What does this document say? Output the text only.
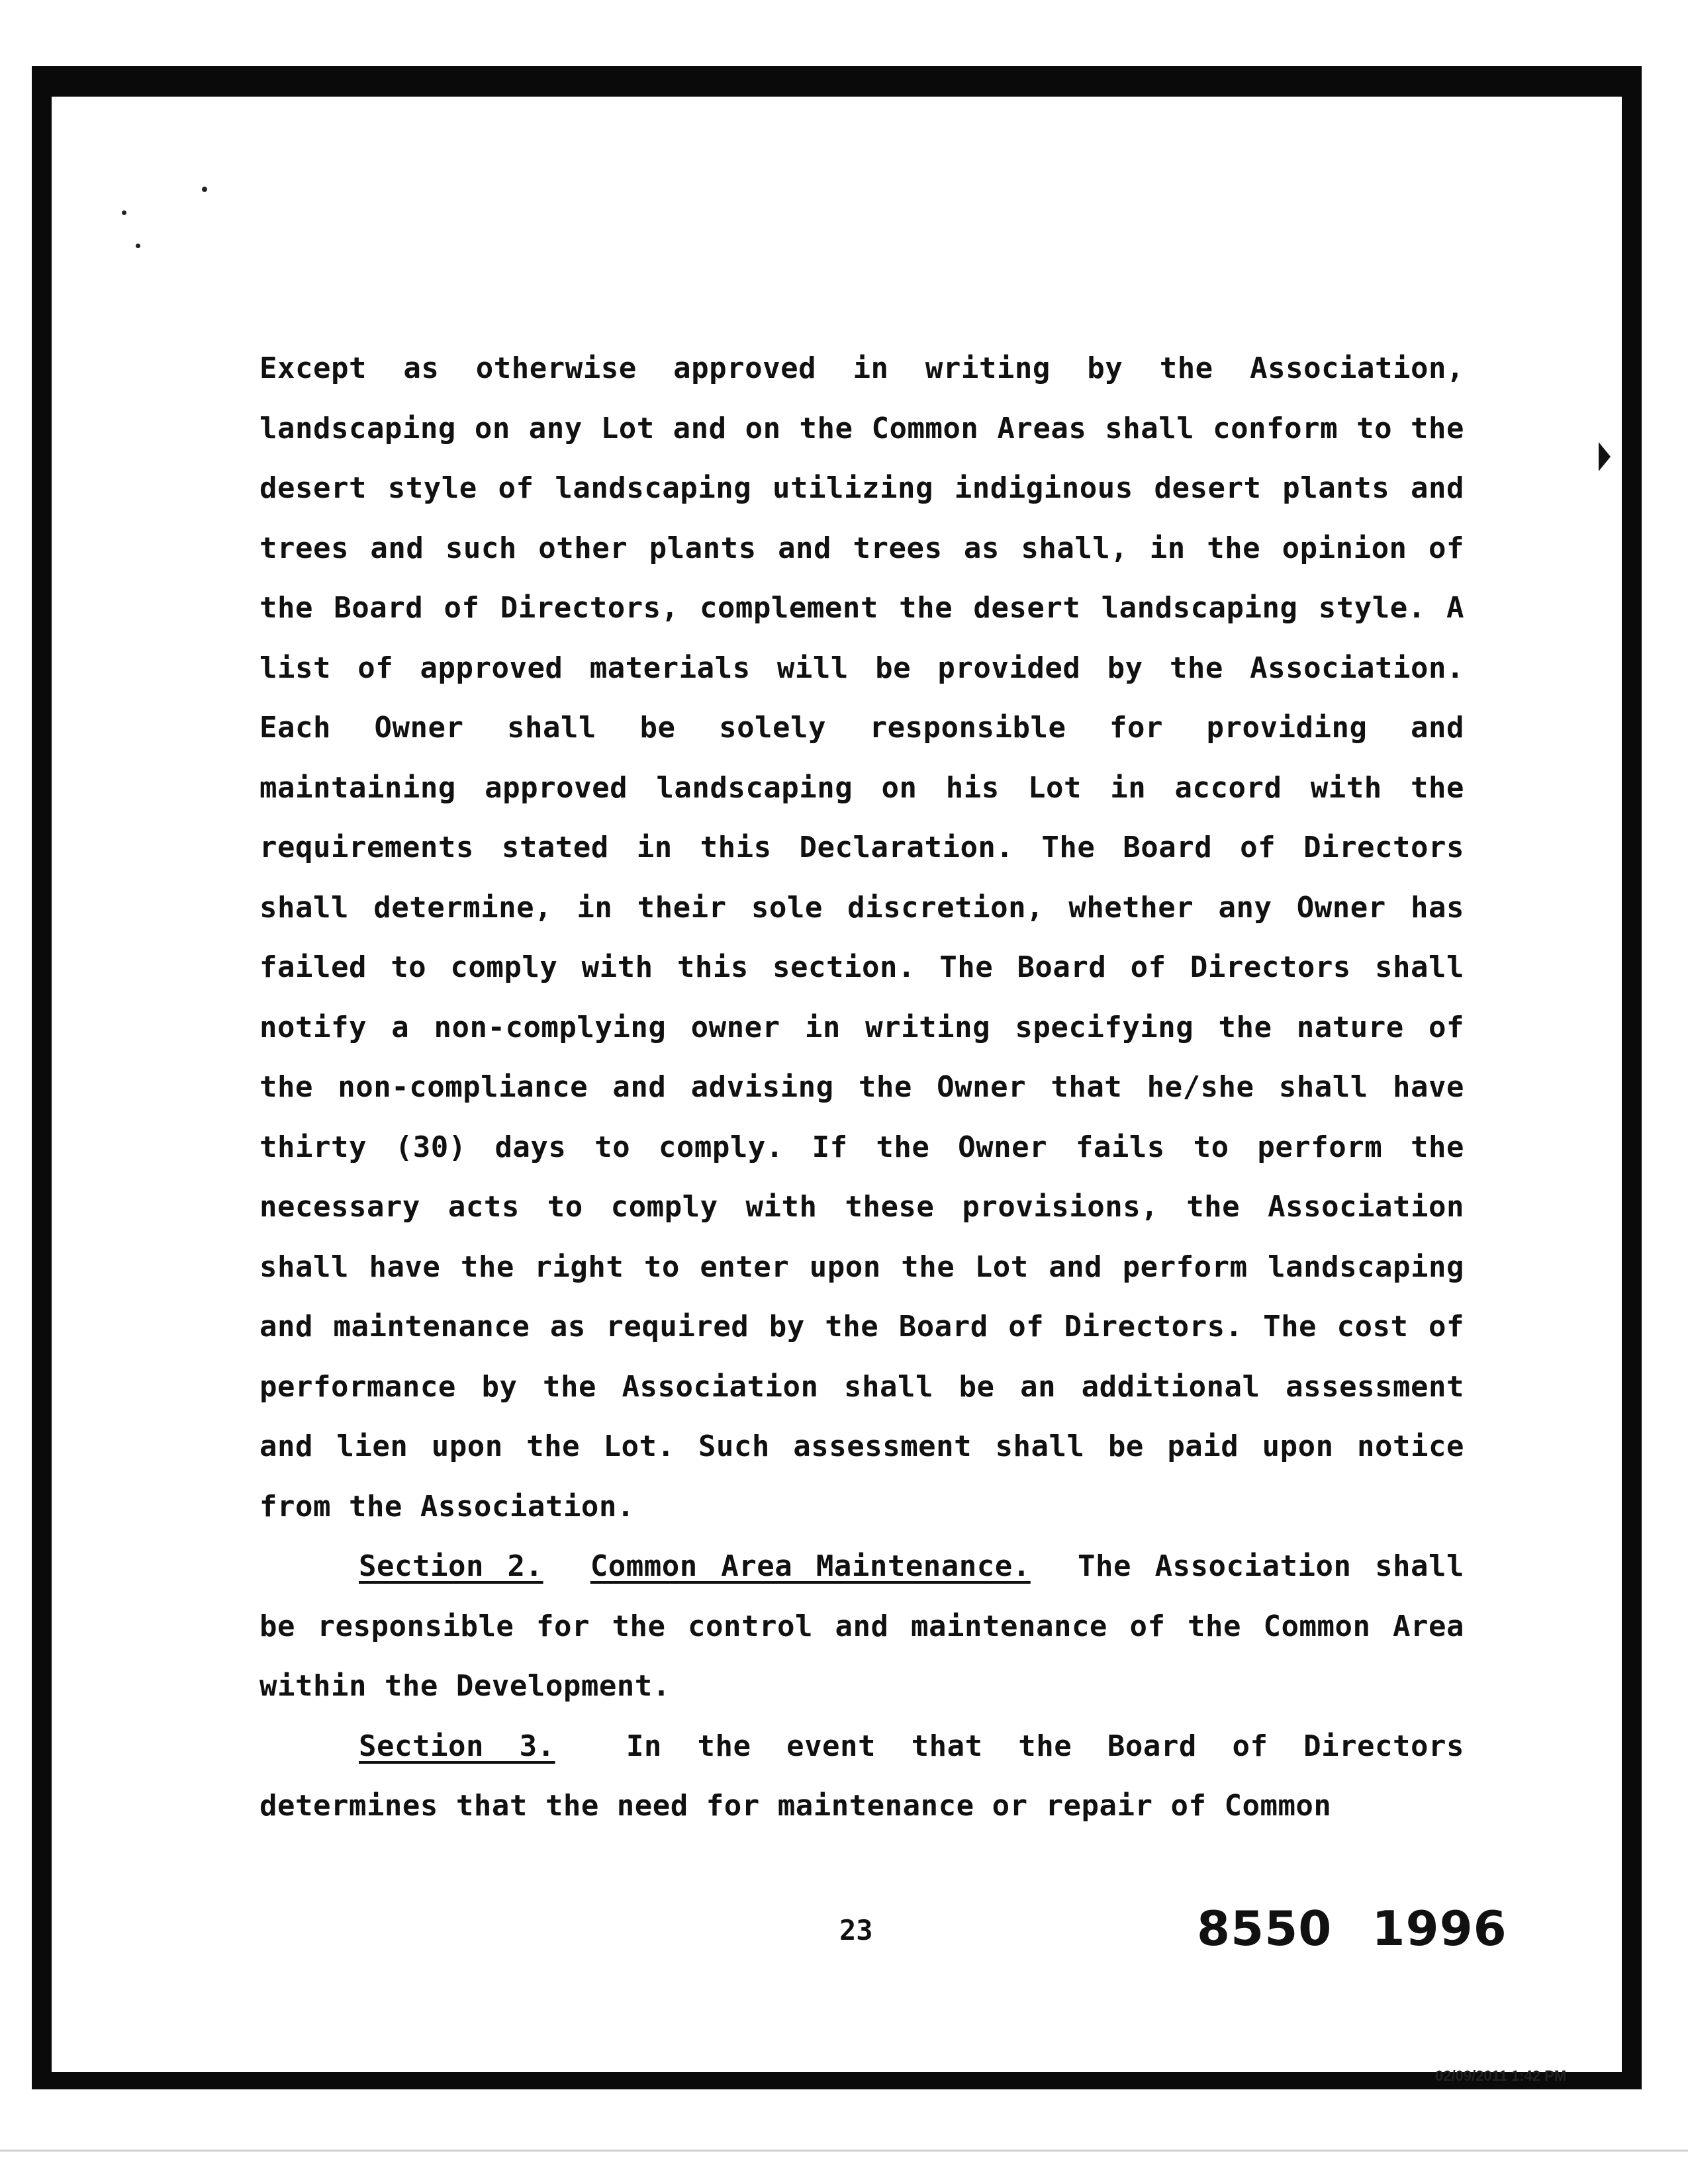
Except as otherwise approved in writing by the Association, landscaping on any Lot and on the Common Areas shall conform to the desert style of landscaping utilizing indiginous desert plants and trees and such other plants and trees as shall, in the opinion of the Board of Directors, complement the desert landscaping style. A list of approved materials will be provided by the Association. Each Owner shall be solely responsible for providing and maintaining approved landscaping on his Lot in accord with the requirements stated in this Declaration. The Board of Directors shall determine, in their sole discretion, whether any Owner has failed to comply with this section. The Board of Directors shall notify a non-complying owner in writing specifying the nature of the non-compliance and advising the Owner that he/she shall have thirty (30) days to comply. If the Owner fails to perform the necessary acts to comply with these provisions, the Association shall have the right to enter upon the Lot and perform landscaping and maintenance as required by the Board of Directors. The cost of performance by the Association shall be an additional assessment and lien upon the Lot. Such assessment shall be paid upon notice from the Association.

Section 2. Common Area Maintenance. The Association shall be responsible for the control and maintenance of the Common Area within the Development.

Section 3. In the event that the Board of Directors determines that the need for maintenance or repair of Common

23	8550 1996
02/09/2011 1:42 PM
